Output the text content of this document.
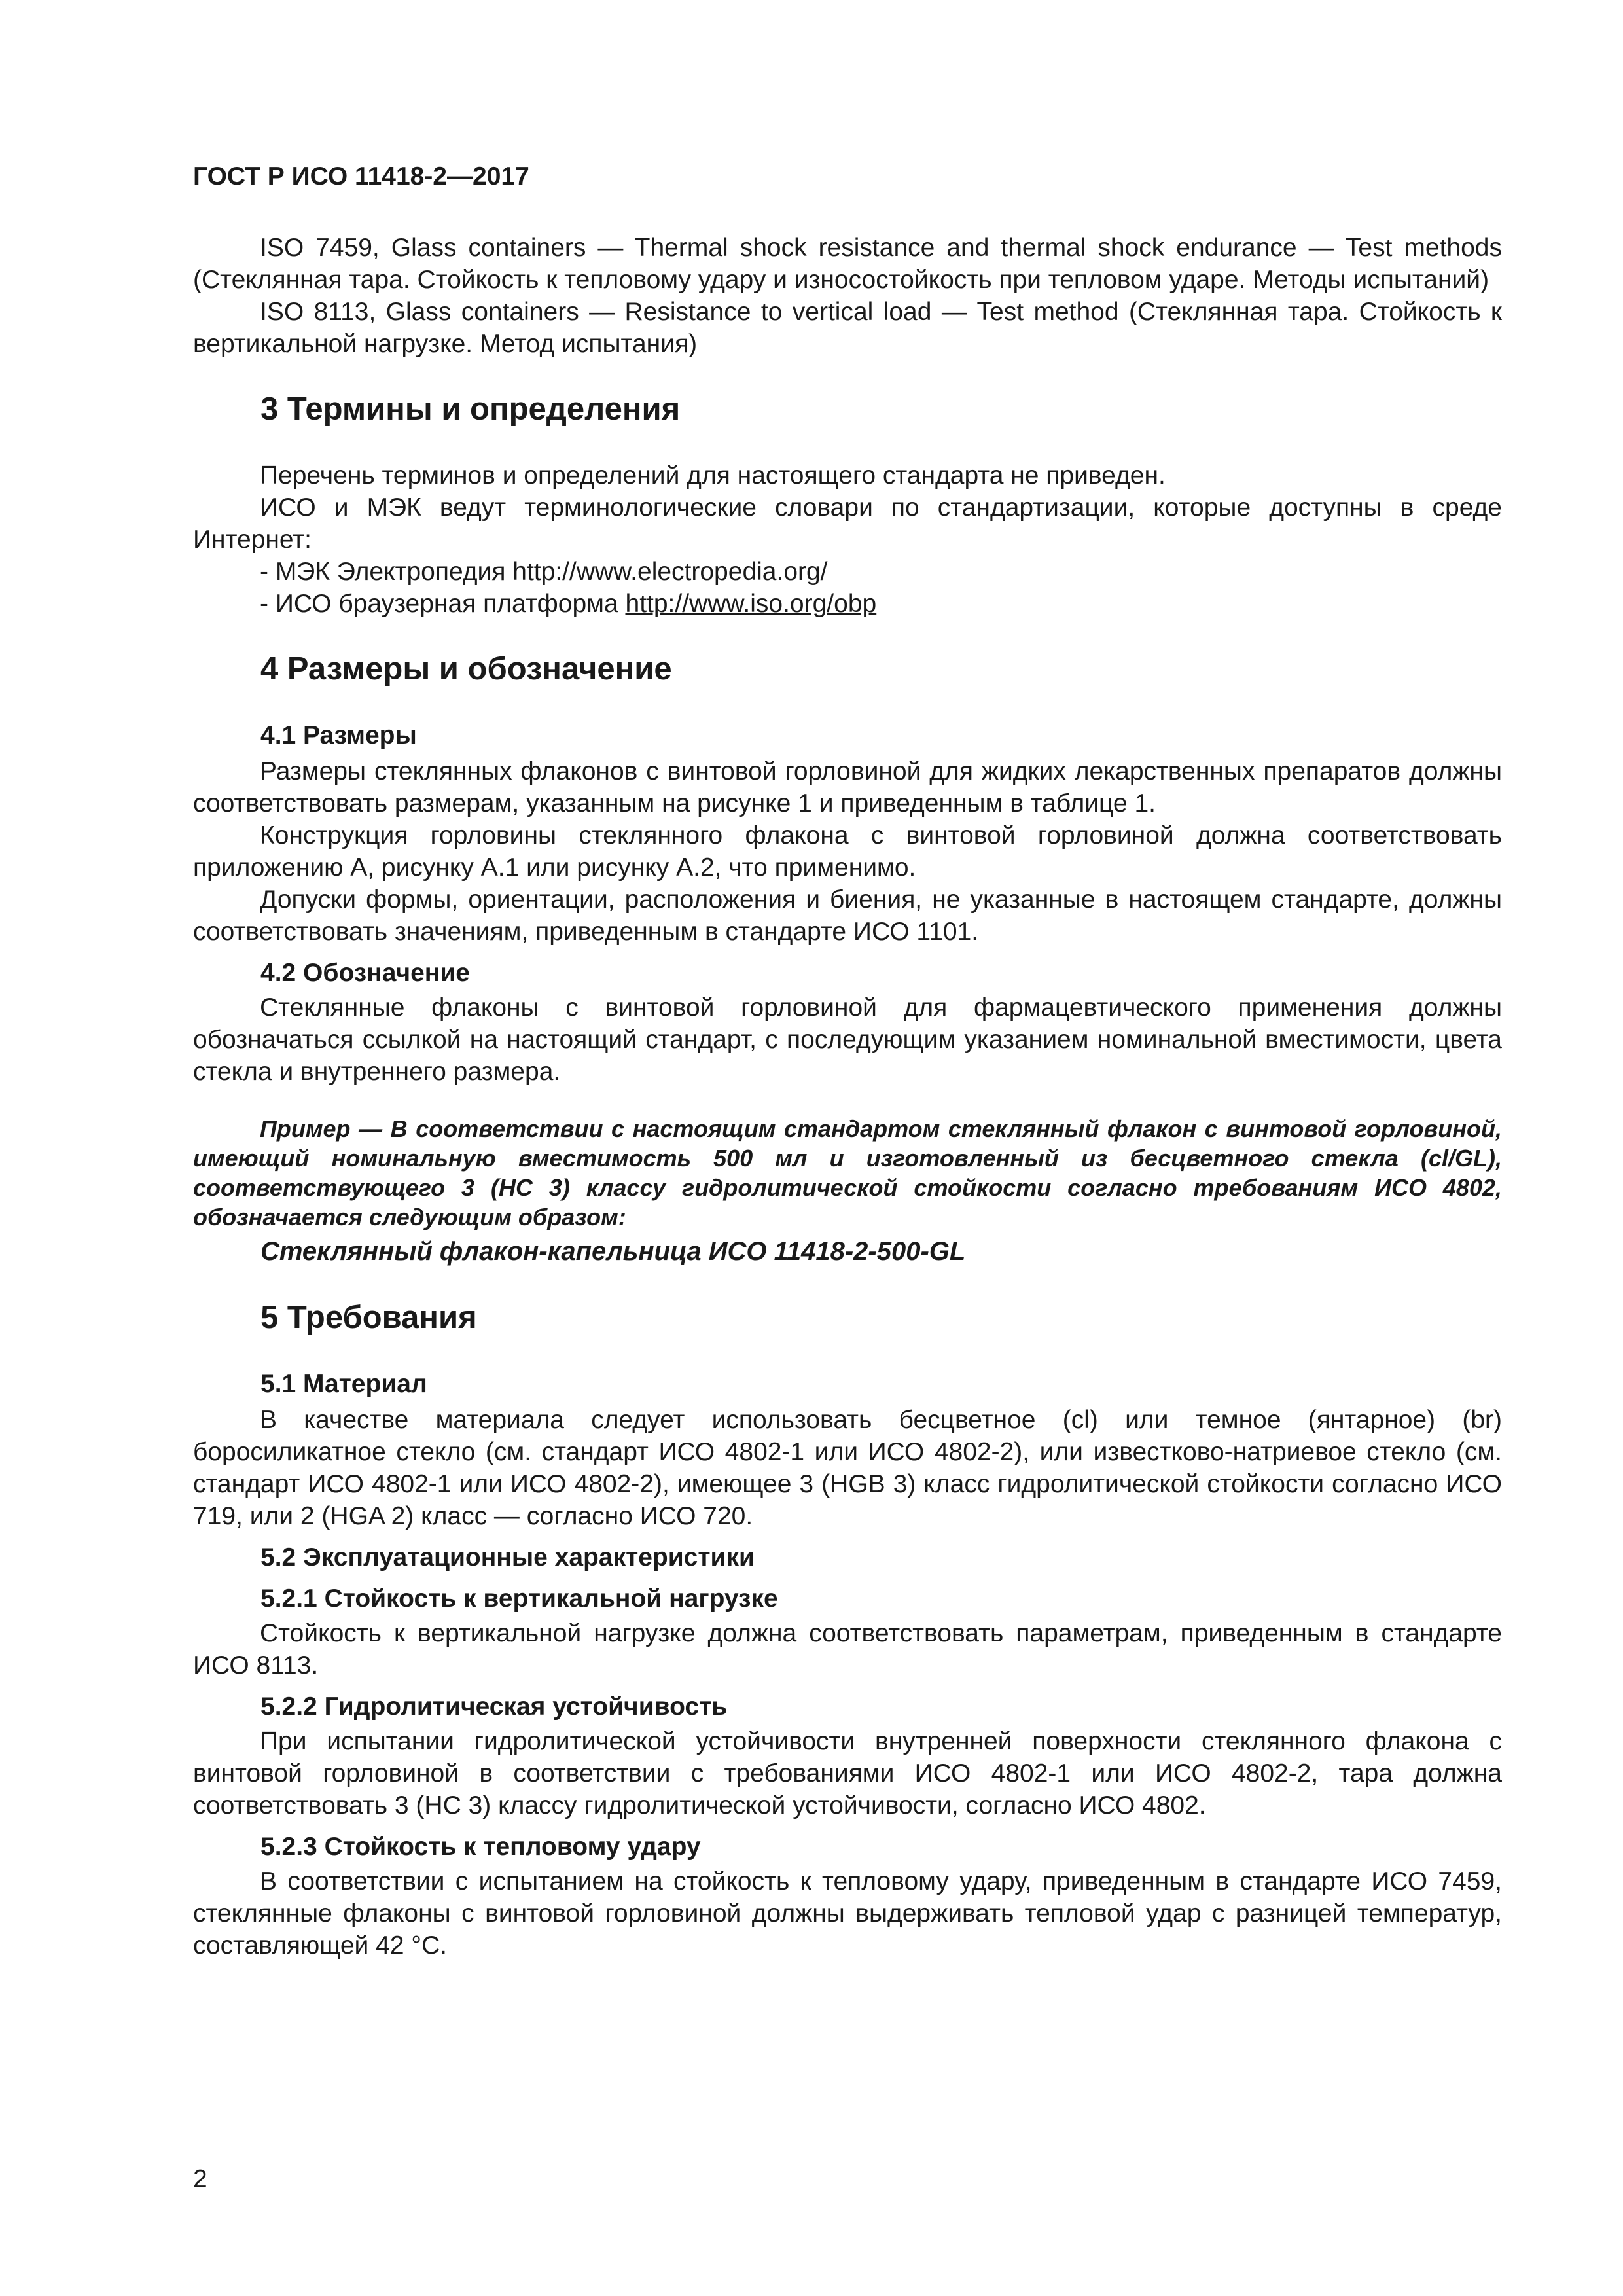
ГОСТ Р ИСО 11418-2—2017

ISO 7459, Glass containers — Thermal shock resistance and thermal shock endurance — Test methods (Стеклянная тара. Стойкость к тепловому удару и износостойкость при тепловом ударе. Методы испытаний)

ISO 8113, Glass containers — Resistance to vertical load — Test method (Стеклянная тара. Стойкость к вертикальной нагрузке. Метод испытания)

3 Термины и определения

Перечень терминов и определений для настоящего стандарта не приведен.

ИСО и МЭК ведут терминологические словари по стандартизации, которые доступны в среде Интернет:

- МЭК Электропедия http://www.electropedia.org/

- ИСО браузерная платформа http://www.iso.org/obp

4 Размеры и обозначение
4.1 Размеры

Размеры стеклянных флаконов с винтовой горловиной для жидких лекарственных препаратов должны соответствовать размерам, указанным на рисунке 1 и приведенным в таблице 1.

Конструкция горловины стеклянного флакона с винтовой горловиной должна соответствовать приложению А, рисунку А.1 или рисунку А.2, что применимо.

Допуски формы, ориентации, расположения и биения, не указанные в настоящем стандарте, должны соответствовать значениям, приведенным в стандарте ИСО 1101.

4.2 Обозначение

Стеклянные флаконы с винтовой горловиной для фармацевтического применения должны обозначаться ссылкой на настоящий стандарт, с последующим указанием номинальной вместимости, цвета стекла и внутреннего размера.

Пример — В соответствии с настоящим стандартом стеклянный флакон с винтовой горловиной, имеющий номинальную вместимость 500 мл и изготовленный из бесцветного стекла (cl/GL), соответствующего 3 (HC 3) классу гидролитической стойкости согласно требованиям ИСО 4802, обозначается следующим образом:

Стеклянный флакон-капельница ИСО 11418-2-500-GL
5 Требования
5.1 Материал

В качестве материала следует использовать бесцветное (cl) или темное (янтарное) (br) боросиликатное стекло (см. стандарт ИСО 4802-1 или ИСО 4802-2), или известково-натриевое стекло (см. стандарт ИСО 4802-1 или ИСО 4802-2), имеющее 3 (HGB 3) класс гидролитической стойкости согласно ИСО 719, или 2 (HGA 2) класс — согласно ИСО 720.

5.2 Эксплуатационные характеристики
5.2.1 Стойкость к вертикальной нагрузке

Стойкость к вертикальной нагрузке должна соответствовать параметрам, приведенным в стандарте ИСО 8113.

5.2.2 Гидролитическая устойчивость

При испытании гидролитической устойчивости внутренней поверхности стеклянного флакона с винтовой горловиной в соответствии с требованиями ИСО 4802-1 или ИСО 4802-2, тара должна соответствовать 3 (HC 3) классу гидролитической устойчивости, согласно ИСО 4802.

5.2.3 Стойкость к тепловому удару

В соответствии с испытанием на стойкость к тепловому удару, приведенным в стандарте ИСО 7459, стеклянные флаконы с винтовой горловиной должны выдерживать тепловой удар с разницей температур, составляющей 42 °С.

2
